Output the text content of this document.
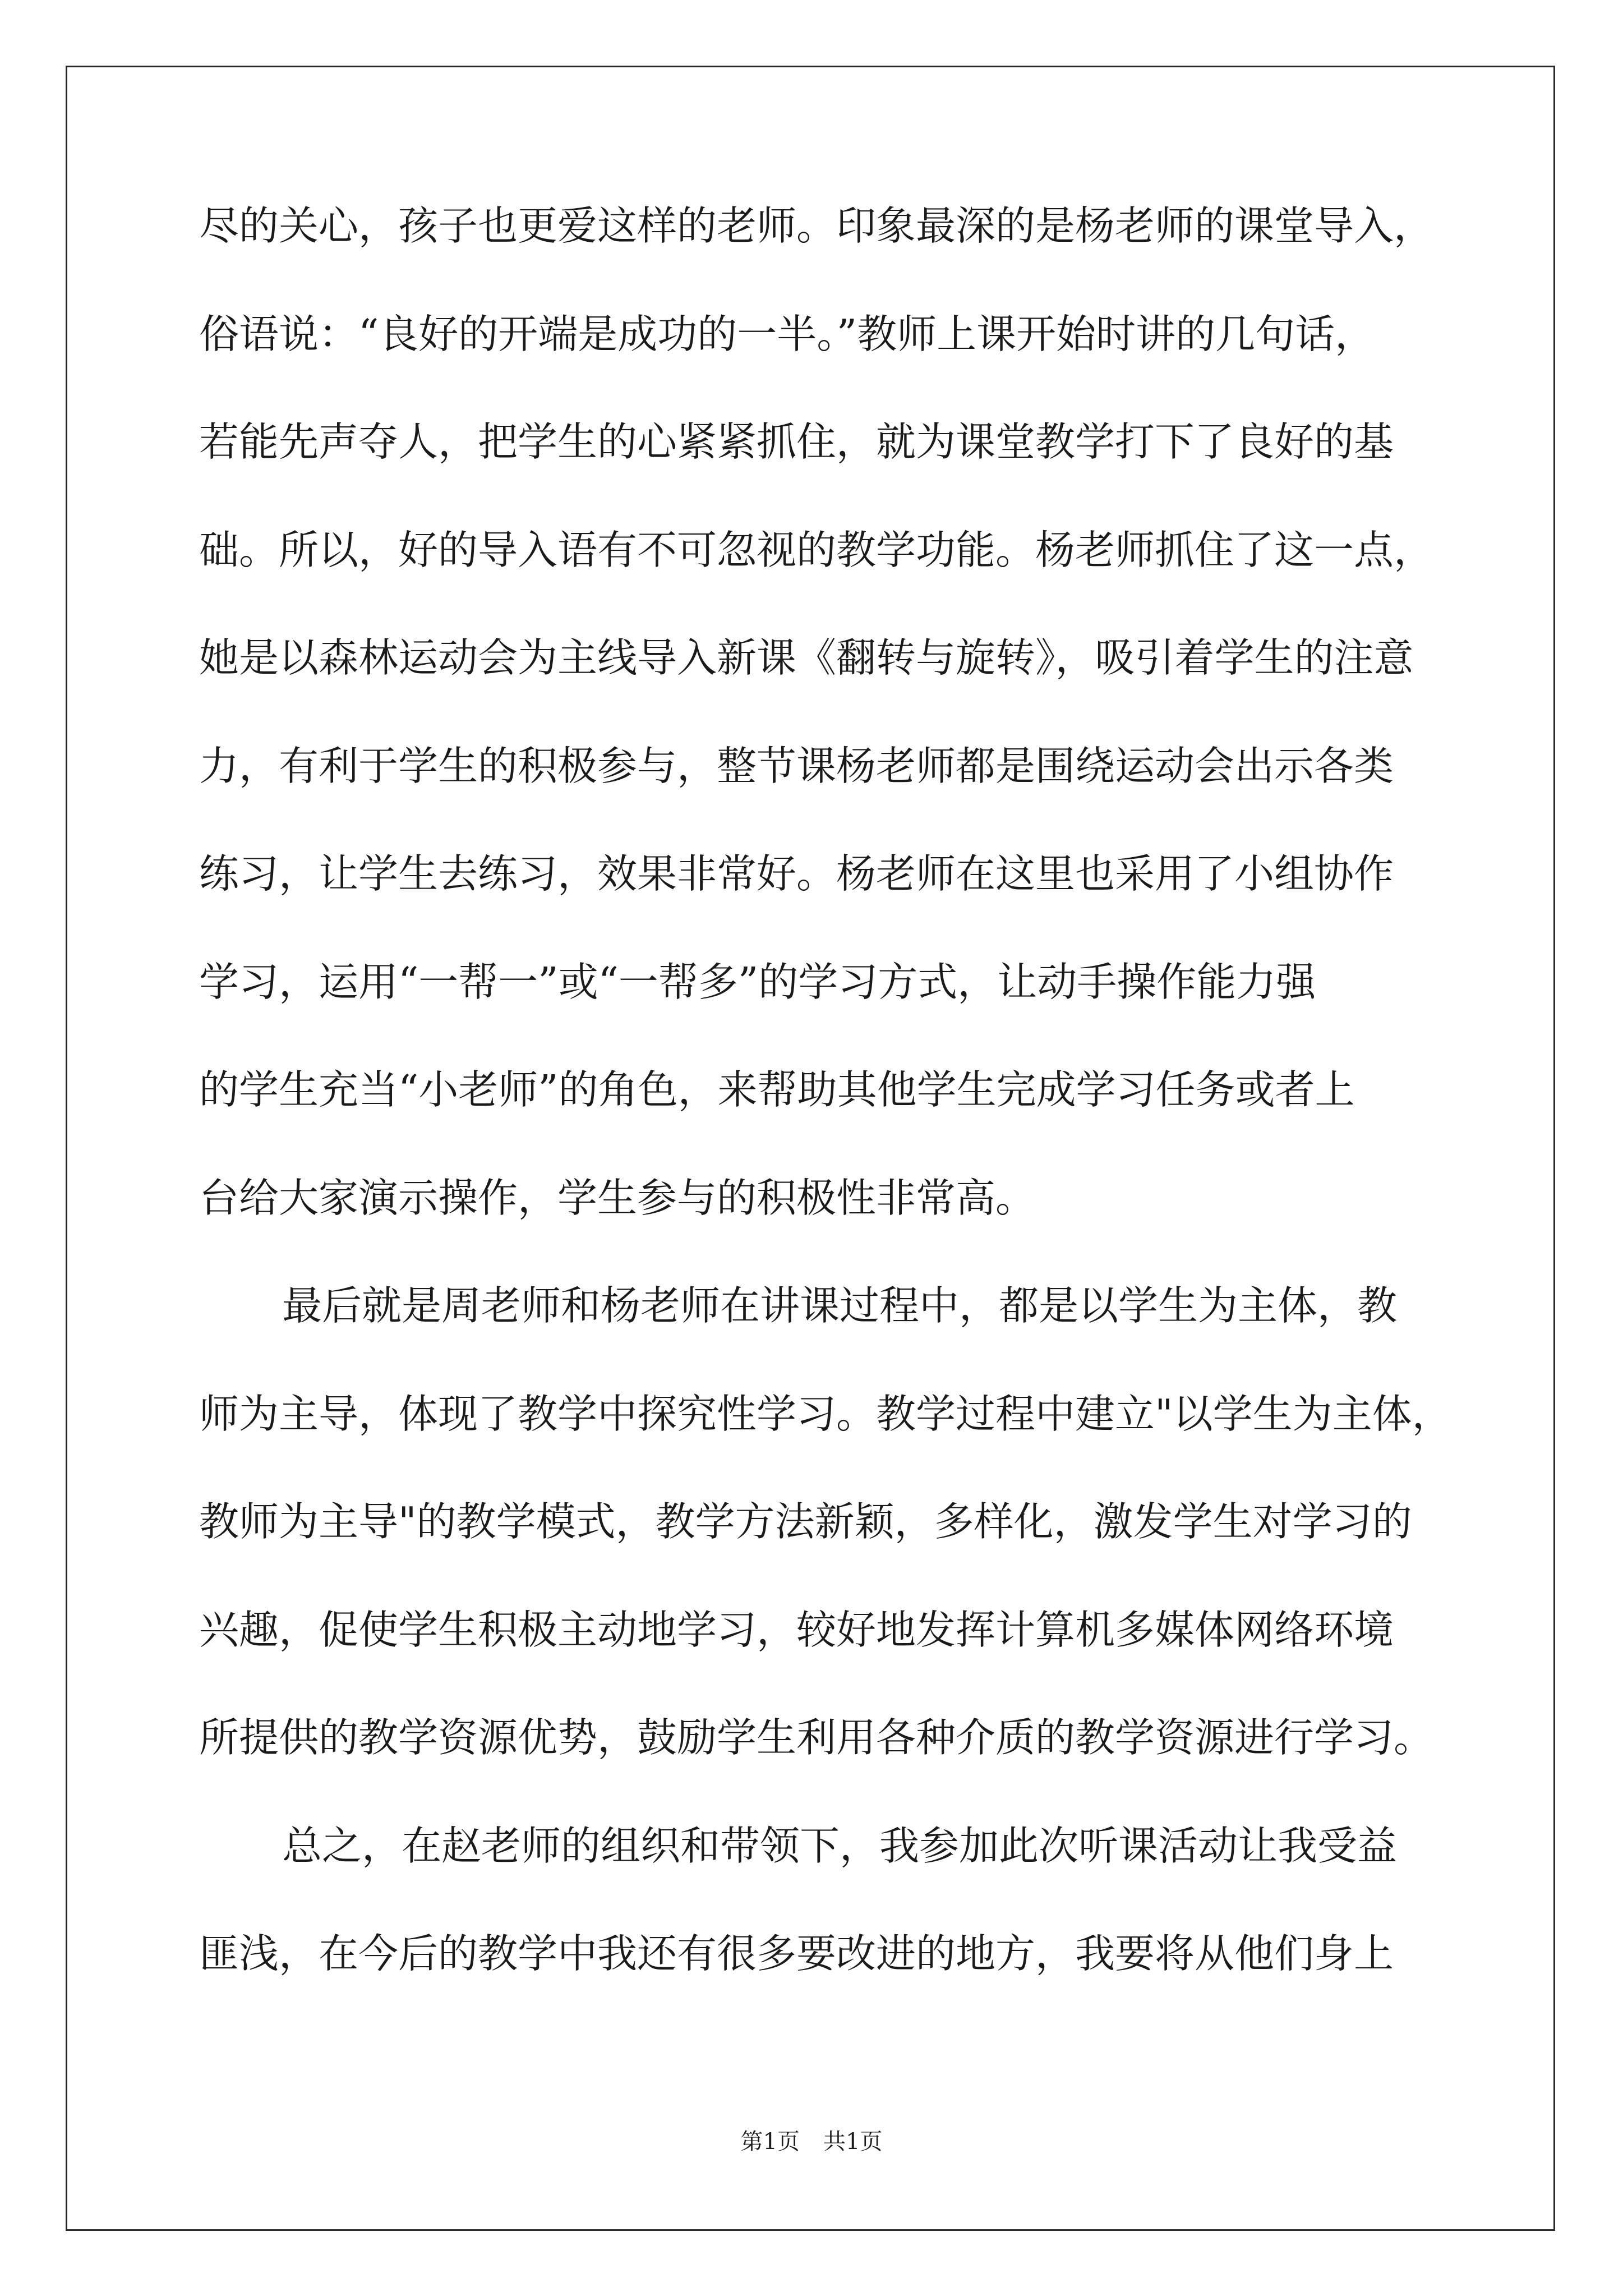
尽的关心，孩子也更爱这样的老师。印象最深的是杨老师的课堂导入，
俗语说：“良好的开端是成功的一半。”教师上课开始时讲的几句话，
若能先声夺人，把学生的心紧紧抓住，就为课堂教学打下了良好的基
础。所以，好的导入语有不可忽视的教学功能。杨老师抓住了这一点，
她是以森林运动会为主线导入新课《翻转与旋转》，吸引着学生的注意
力，有利于学生的积极参与，整节课杨老师都是围绕运动会出示各类
练习，让学生去练习，效果非常好。杨老师在这里也采用了小组协作
学习，运用“一帮一”或“一帮多”的学习方式，让动手操作能力强
的学生充当“小老师”的角色，来帮助其他学生完成学习任务或者上
台给大家演示操作，学生参与的积极性非常高。
最后就是周老师和杨老师在讲课过程中，都是以学生为主体，教
师为主导，体现了教学中探究性学习。教学过程中建立"以学生为主体，
教师为主导"的教学模式，教学方法新颖，多样化，激发学生对学习的
兴趣，促使学生积极主动地学习，较好地发挥计算机多媒体网络环境
所提供的教学资源优势，鼓励学生利用各种介质的教学资源进行学习。
总之，在赵老师的组织和带领下，我参加此次听课活动让我受益
匪浅，在今后的教学中我还有很多要改进的地方，我要将从他们身上
第1页 共1页
